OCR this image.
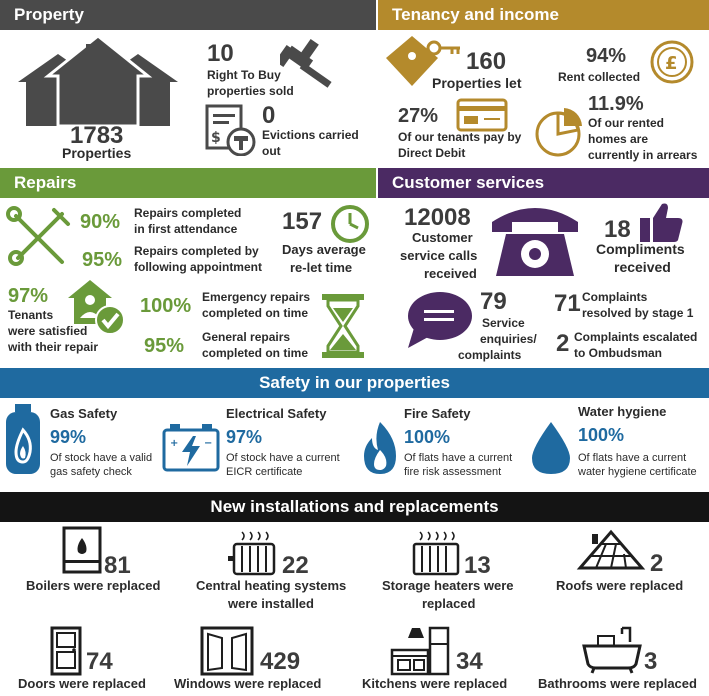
Property
1783
Properties
10
Right To Buy
properties sold
$
0
Evictions carried
out
Tenancy and income
160
Properties let
94%
Rent collected
£
27%
Of our tenants pay by
Direct Debit
11.9%
Of our rented
homes are
currently in arrears
Repairs
90% Repairs completed
in first attendance
95% Repairs completed by
following appointment
157
Days average
re-let time
97%
Tenants
were satisfied
with their repair
100% Emergency repairs
completed on time
95% General repairs
completed on time
Customer services
12008
Customer
service calls
received
18
Compliments
received
79
Service
enquiries/
complaints
71 Complaints
resolved by stage 1
2 Complaints escalated
to Ombudsman
Safety in our properties
Gas Safety
99%
Of stock have a valid
gas safety check
+	−
Electrical Safety
97%
Of stock have a current
EICR certificate
Fire Safety
100%
Of flats have a current
fire risk assessment
Water hygiene
100%
Of flats have a current
water hygiene certificate
New installations and replacements
81
Boilers were replaced
22
Central heating systems
were installed
13
Storage heaters were
replaced
2
Roofs were replaced
74
Doors were replaced
429
Windows were replaced
34
Kitchens were replaced
3
Bathrooms were replaced
